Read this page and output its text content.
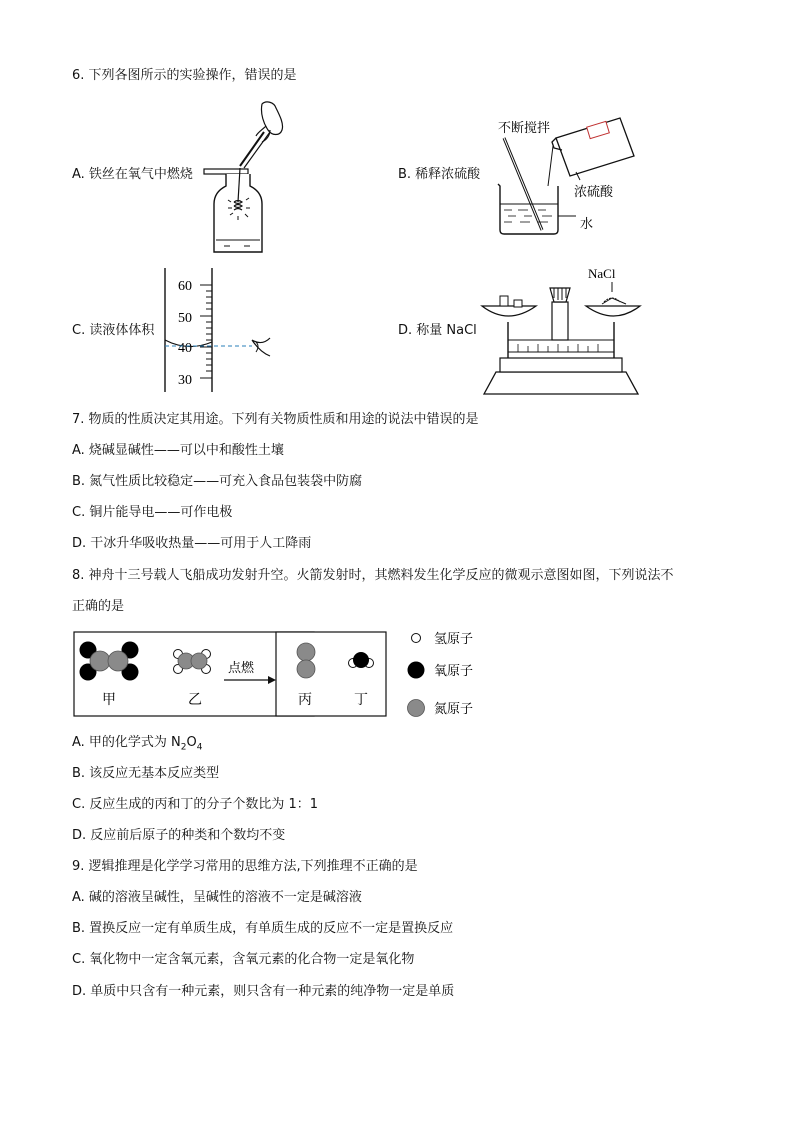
6. 下列各图所示的实验操作，错误的是
A. 铁丝在氧气中燃烧	B. 稀释浓硫酸
不断搅拌
浓硫酸
水
C. 读液体体积
60
50
40
30
D. 称量 NaCl
NaCl
7. 物质的性质决定其用途。下列有关物质性质和用途的说法中错误的是
A. 烧碱显碱性——可以中和酸性土壤
B. 氮气性质比较稳定——可充入食品包装袋中防腐
C. 铜片能导电——可作电极
D. 干冰升华吸收热量——可用于人工降雨
8. 神舟十三号载人飞船成功发射升空。火箭发射时，其燃料发生化学反应的微观示意图如图，下列说法不
正确的是
甲	乙
点燃
丙	丁
氢原子
氧原子
氮原子
A. 甲的化学式为 $N_2O_4$
B. 该反应无基本反应类型
C. 反应生成的丙和丁的分子个数比为 1：1
D. 反应前后原子的种类和个数均不变
9. 逻辑推理是化学学习常用的思维方法,下列推理不正确的是
A. 碱的溶液呈碱性，呈碱性的溶液不一定是碱溶液
B. 置换反应一定有单质生成，有单质生成的反应不一定是置换反应
C. 氧化物中一定含氧元素，含氧元素的化合物一定是氧化物
D. 单质中只含有一种元素，则只含有一种元素的纯净物一定是单质
